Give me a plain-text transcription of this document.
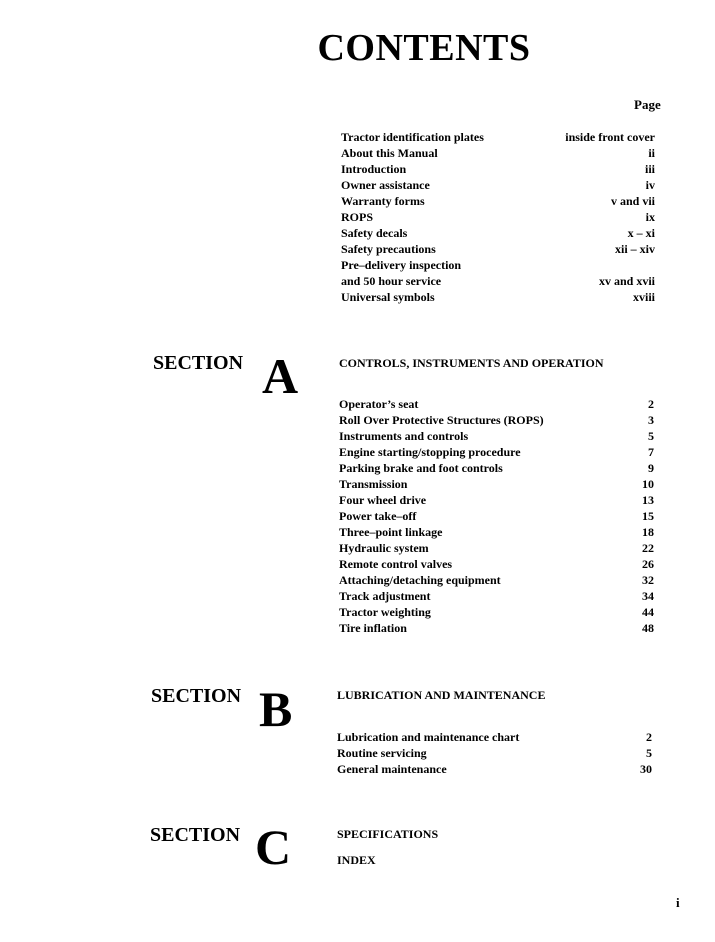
CONTENTS
Page
Tractor identification plates	inside front cover
About this Manual	ii
Introduction	iii
Owner assistance	iv
Warranty forms	v and vii
ROPS	ix
Safety decals	x – xi
Safety precautions	xii – xiv
Pre–delivery inspection
and 50 hour service	xv and xvii
Universal symbols	xviii
SECTION A	CONTROLS, INSTRUMENTS AND OPERATION
Operator’s seat	2
Roll Over Protective Structures (ROPS)	3
Instruments and controls	5
Engine starting/stopping procedure	7
Parking brake and foot controls	9
Transmission	10
Four wheel drive	13
Power take–off	15
Three–point linkage	18
Hydraulic system	22
Remote control valves	26
Attaching/detaching equipment	32
Track adjustment	34
Tractor weighting	44
Tire inflation	48
SECTION B	LUBRICATION AND MAINTENANCE
Lubrication and maintenance chart	2
Routine servicing	5
General maintenance	30
SECTION C	SPECIFICATIONS
INDEX
i
